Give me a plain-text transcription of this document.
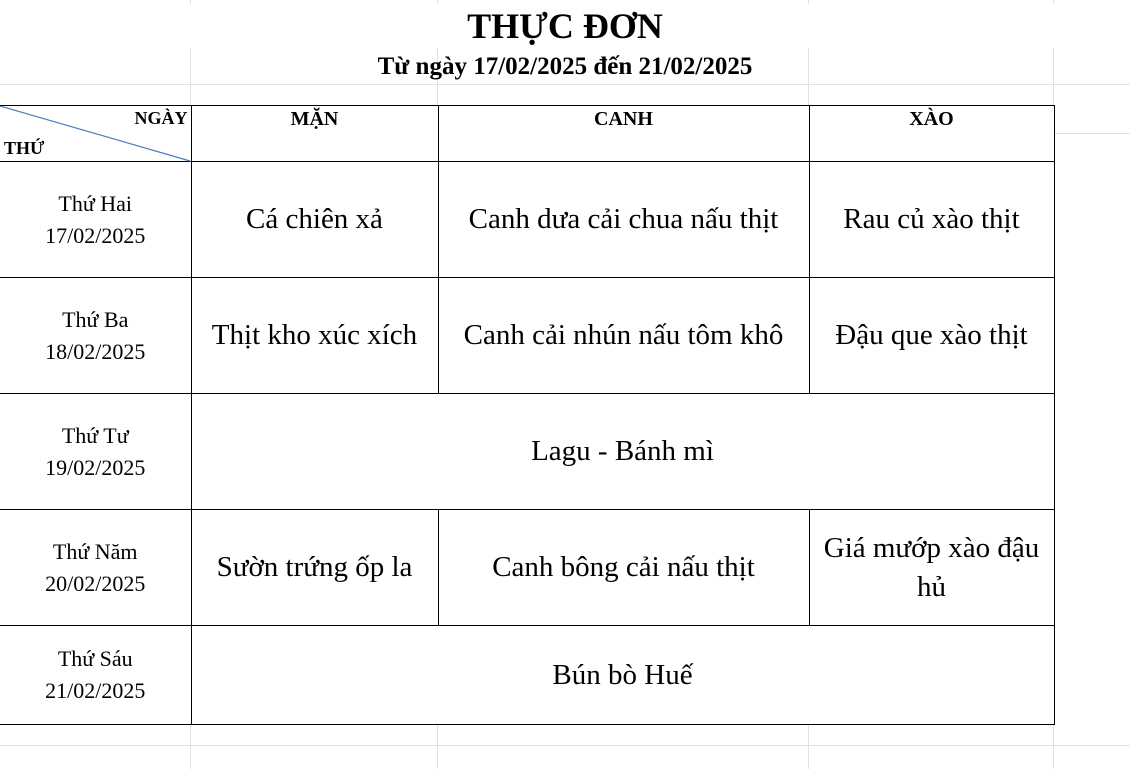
THỰC ĐƠN
Từ ngày 17/02/2025 đến 21/02/2025
NGÀY
THỨ	MẶN	CANH	XÀO

Thứ Hai
17/02/2025	Cá chiên xả	Canh dưa cải chua nấu thịt	Rau củ xào thịt

Thứ Ba
18/02/2025	Thịt kho xúc xích	Canh cải nhún nấu tôm khô	Đậu que xào thịt

Thứ Tư
19/02/2025	Lagu - Bánh mì		

Thứ Năm
20/02/2025	Sườn trứng ốp la	Canh bông cải nấu thịt	Giá mướp xào đậu hủ

Thứ Sáu
21/02/2025	Bún bò Huế		
